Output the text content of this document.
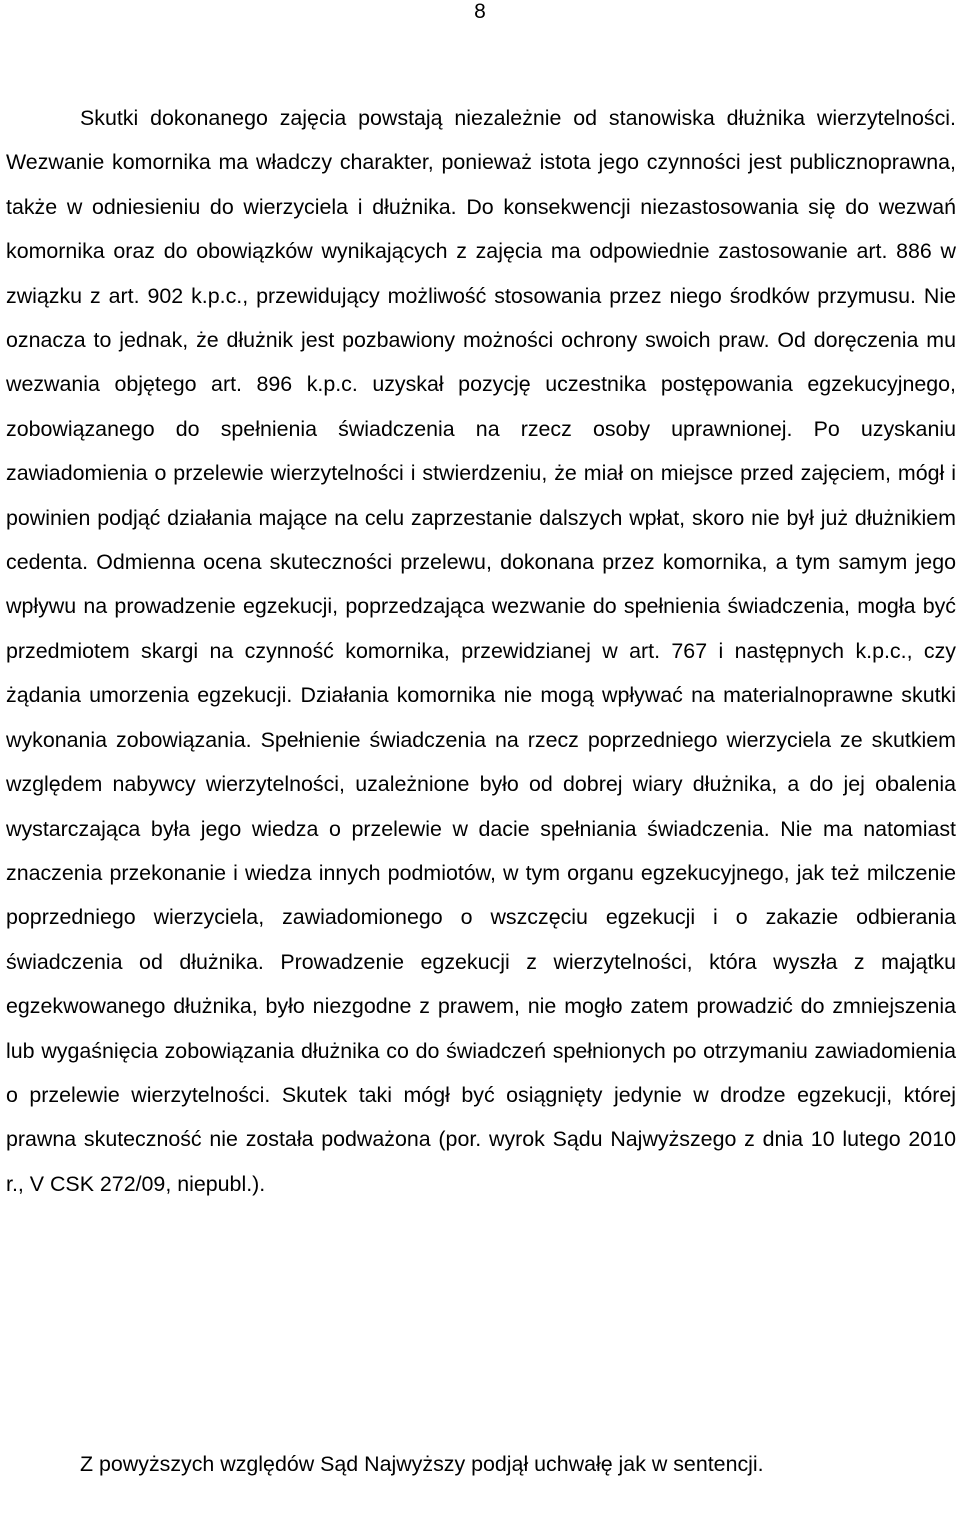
8

Skutki dokonanego zajęcia powstają niezależnie od stanowiska dłużnika wierzytelności. Wezwanie komornika ma władczy charakter, ponieważ istota jego czynności jest publicznoprawna, także w odniesieniu do wierzyciela i dłużnika. Do konsekwencji niezastosowania się do wezwań komornika oraz do obowiązków wynikających z zajęcia ma odpowiednie zastosowanie art. 886 w związku z art. 902 k.p.c., przewidujący możliwość stosowania przez niego środków przymusu. Nie oznacza to jednak, że dłużnik jest pozbawiony możności ochrony swoich praw. Od doręczenia mu wezwania objętego art. 896 k.p.c. uzyskał pozycję uczestnika postępowania egzekucyjnego, zobowiązanego do spełnienia świadczenia na rzecz osoby uprawnionej. Po uzyskaniu zawiadomienia o przelewie wierzytelności i stwierdzeniu, że miał on miejsce przed zajęciem, mógł i powinien podjąć działania mające na celu zaprzestanie dalszych wpłat, skoro nie był już dłużnikiem cedenta. Odmienna ocena skuteczności przelewu, dokonana przez komornika, a tym samym jego wpływu na prowadzenie egzekucji, poprzedzająca wezwanie do spełnienia świadczenia, mogła być przedmiotem skargi na czynność komornika, przewidzianej w art. 767 i następnych k.p.c., czy żądania umorzenia egzekucji. Działania komornika nie mogą wpływać na materialnoprawne skutki wykonania zobowiązania. Spełnienie świadczenia na rzecz poprzedniego wierzyciela ze skutkiem względem nabywcy wierzytelności, uzależnione było od dobrej wiary dłużnika, a do jej obalenia wystarczająca była jego wiedza o przelewie w dacie spełniania świadczenia. Nie ma natomiast znaczenia przekonanie i wiedza innych podmiotów, w tym organu egzekucyjnego, jak też milczenie poprzedniego wierzyciela, zawiadomionego o wszczęciu egzekucji i o zakazie odbierania świadczenia od dłużnika. Prowadzenie egzekucji z wierzytelności, która wyszła z majątku egzekwowanego dłużnika, było niezgodne z prawem, nie mogło zatem prowadzić do zmniejszenia lub wygaśnięcia zobowiązania dłużnika co do świadczeń spełnionych po otrzymaniu zawiadomienia o przelewie wierzytelności. Skutek taki mógł być osiągnięty jedynie w drodze egzekucji, której prawna skuteczność nie została podważona (por. wyrok Sądu Najwyższego z dnia 10 lutego 2010 r., V CSK 272/09, niepubl.).

Z powyższych względów Sąd Najwyższy podjął uchwałę jak w sentencji.
